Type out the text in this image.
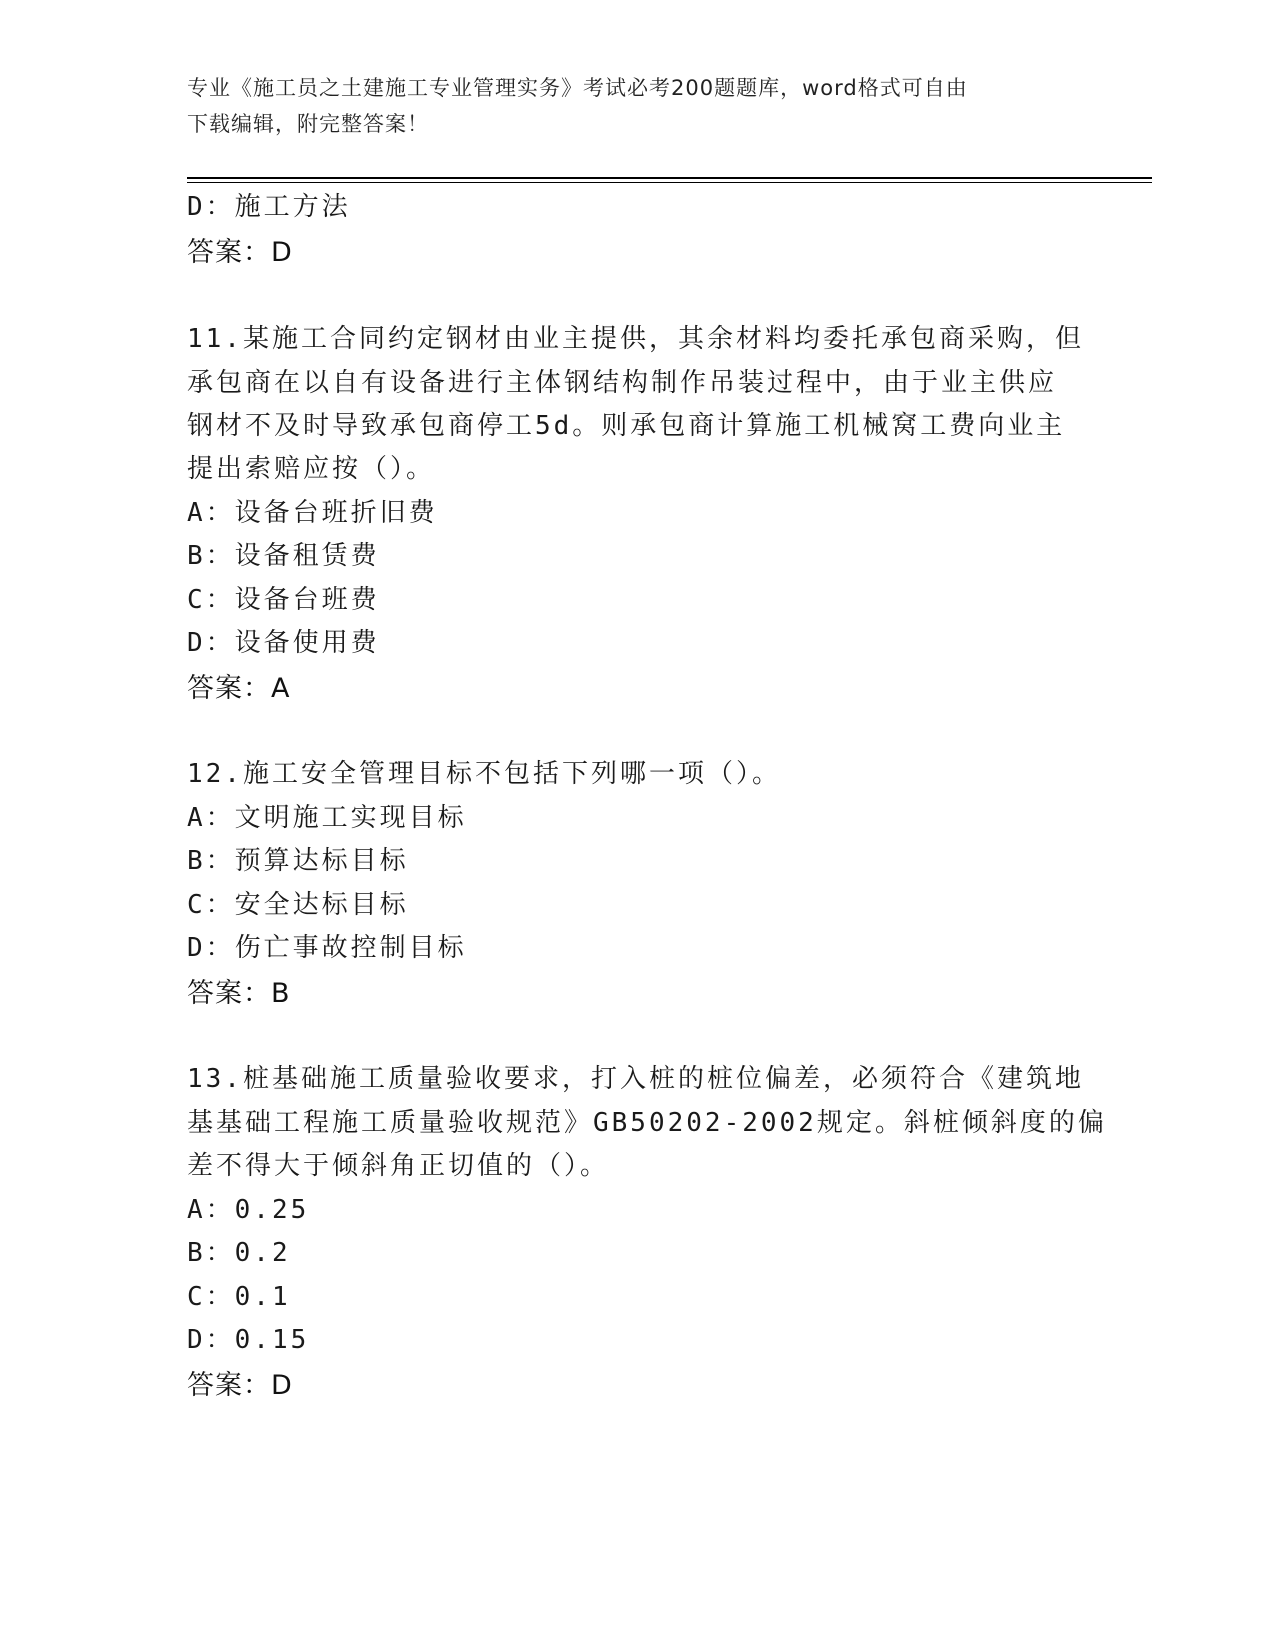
专业《施工员之土建施工专业管理实务》考试必考200题题库，word格式可自由
下载编辑，附完整答案！
D：施工方法
答案：D
11.某施工合同约定钢材由业主提供，其余材料均委托承包商采购，但
承包商在以自有设备进行主体钢结构制作吊装过程中，由于业主供应
钢材不及时导致承包商停工5d。则承包商计算施工机械窝工费向业主
提出索赔应按（）。
A：设备台班折旧费
B：设备租赁费
C：设备台班费
D：设备使用费
答案：A
12.施工安全管理目标不包括下列哪一项（）。
A：文明施工实现目标
B：预算达标目标
C：安全达标目标
D：伤亡事故控制目标
答案：B
13.桩基础施工质量验收要求，打入桩的桩位偏差，必须符合《建筑地
基基础工程施工质量验收规范》GB50202-2002规定。斜桩倾斜度的偏
差不得大于倾斜角正切值的（）。
A：0.25
B：0.2
C：0.1
D：0.15
答案：D
